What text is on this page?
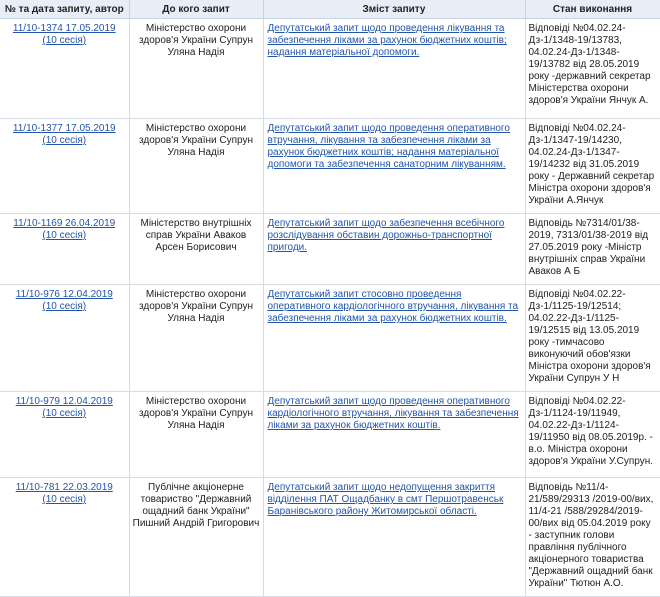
№ та дата запиту, автор	До кого запит	Зміст запиту	Стан виконання
11/10-1374 17.05.2019
(10 сесія)	Міністерство охорони здоров'я України Супрун Уляна Надія	Депутатський запит щодо проведення лікування та забезпечення ліками за рахунок бюджетних коштів; надання матеріальної допомоги.	Відповіді №04.02.24-Дз-1/1348-19/13783, 04.02.24-Дз-1/1348-19/13782 від 28.05.2019 року -державний секретар Міністерства охорони здоров'я України Янчук А.
11/10-1377 17.05.2019
(10 сесія)	Міністерство охорони здоров'я України Супрун Уляна Надія	Депутатський запит щодо проведення оперативного втручання, лікування та забезпечення ліками за рахунок бюджетних коштів; надання матеріальної допомоги та забезпечення санаторним лікуванням.	Відповіді №04.02.24-Дз-1/1347-19/14230, 04.02.24-Дз-1/1347-19/14232 від 31.05.2019 року - Державний секретар Міністра охорони здоров'я України А.Янчук
11/10-1169 26.04.2019
(10 сесія)	Міністерство внутрішніх справ України Аваков Арсен Борисович	Депутатський запит щодо забезпечення всебічного розслідування обставин дорожньо-транспортної пригоди.	Відповідь №7314/01/38-2019, 7313/01/38-2019 від 27.05.2019 року -Міністр внутрішніх справ України Аваков А Б
11/10-976 12.04.2019
(10 сесія)	Міністерство охорони здоров'я України Супрун Уляна Надія	Депутатський запит стосовно проведення оперативного кардіологічного втручання, лікування та забезпечення ліками за рахунок бюджетних коштів.	Відповіді №04.02.22-Дз-1/1125-19/12514; 04.02.22-Дз-1/1125-19/12515 від 13.05.2019 року -тимчасово виконуючий обов'язки Міністра охорони здоров'я України Супрун У Н
11/10-979 12.04.2019
(10 сесія)	Міністерство охорони здоров'я України Супрун Уляна Надія	Депутатський запит щодо проведення оперативного кардіологічного втручання, лікування та забезпечення ліками за рахунок бюджетних коштів.	Відповіді №04.02.22-Дз-1/1124-19/11949, 04.02.22-Дз-1/1124-19/11950 від 08.05.2019р. - в.о. Міністра охорони здоров'я України У.Супрун.
11/10-781 22.03.2019
(10 сесія)	Публічне акціонерне товариство "Державний ощадний банк України" Пишний Андрій Григорович	Депутатський запит щодо недопущення закриття відділення ПАТ Ощадбанку в смт Першотравенськ Баранівського району Житомирської області.	Відповідь №11/4-21/589/29313 /2019-00/вих, 11/4-21 /588/29284/2019-00/вих від 05.04.2019 року - заступник голови правління публічного акціонерного товариства "Державний ощадний банк України" Тютюн А.О.
